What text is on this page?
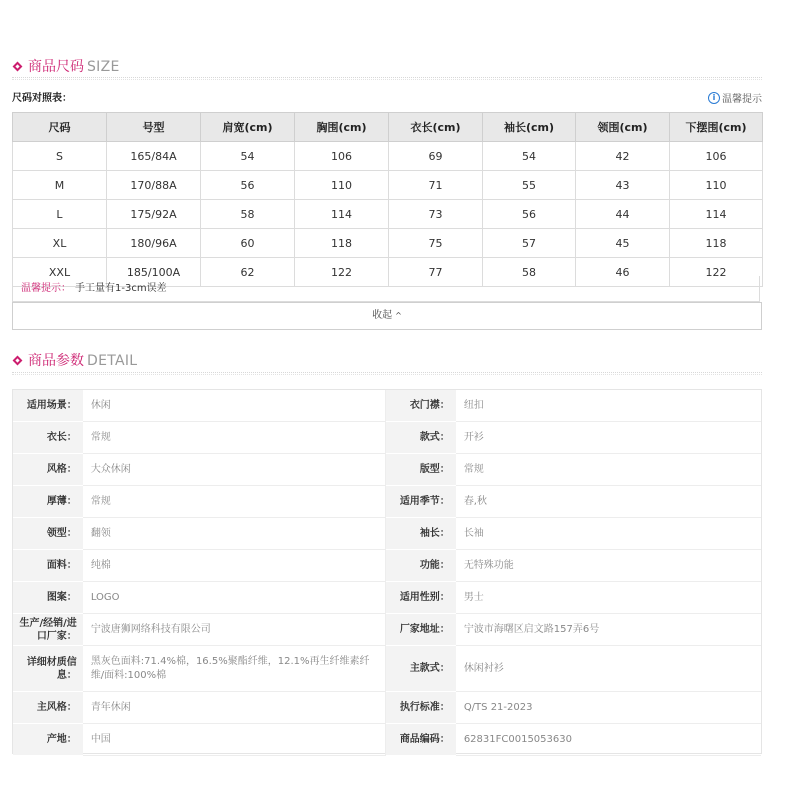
商品尺码 SIZE
尺码对照表：	i 温馨提示
尺码	号型	肩宽(cm)	胸围(cm)	衣长(cm)	袖长(cm)	领围(cm)	下摆围(cm)
S	165/84A	54	106	69	54	42	106
M	170/88A	56	110	71	55	43	110
L	175/92A	58	114	73	56	44	114
XL	180/96A	60	118	75	57	45	118
XXL	185/100A	62	122	77	58	46	122
温馨提示： 手工量有1-3cm误差
收起 ^
商品参数 DETAIL
适用场景：	休闲	衣门襟：	纽扣
衣长：	常规	款式：	开衫
风格：	大众休闲	版型：	常规
厚薄：	常规	适用季节：	春,秋
领型：	翻领	袖长：	长袖
面料：	纯棉	功能：	无特殊功能
图案：	LOGO	适用性别：	男士
生产/经销/进口厂家：
宁波唐狮网络科技有限公司	厂家地址：	宁波市海曙区启文路157弄6号
详细材质信息：
黑灰色面料:71.4%棉，16.5%聚酯纤维，12.1%再生纤维素纤维/面料:100%棉
主款式：	休闲衬衫
主风格：	青年休闲	执行标准：	Q/TS 21-2023
产地：	中国	商品编码：	62831FC0015053630
